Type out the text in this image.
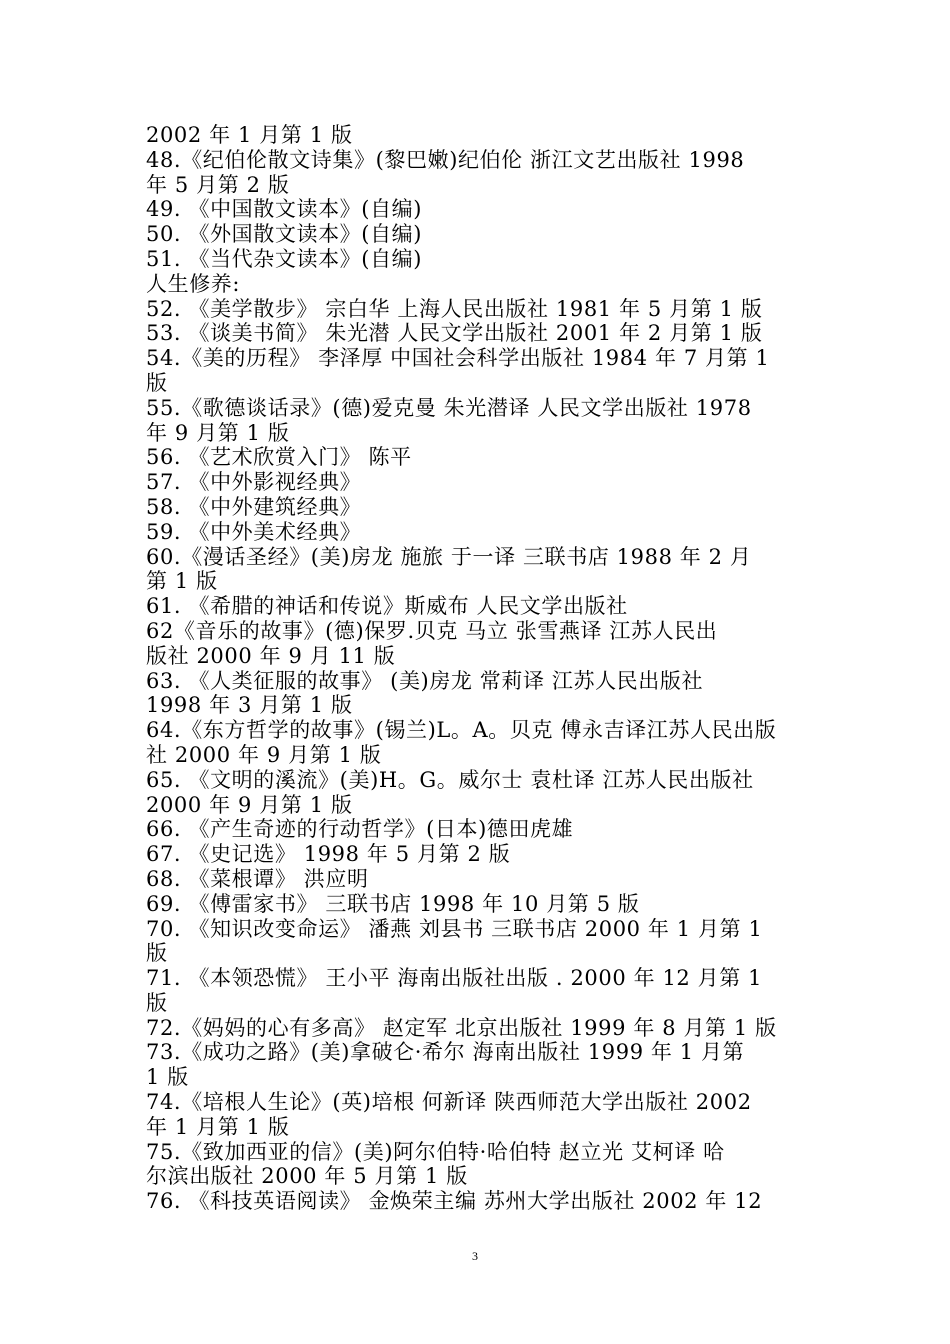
2002 年 1 月第 1 版
48.《纪伯伦散文诗集》(黎巴嫩)纪伯伦 浙江文艺出版社 1998
年 5 月第 2 版
49. 《中国散文读本》(自编)
50. 《外国散文读本》(自编)
51. 《当代杂文读本》(自编)
人生修养:
52. 《美学散步》 宗白华 上海人民出版社 1981 年 5 月第 1 版
53. 《谈美书简》 朱光潜 人民文学出版社 2001 年 2 月第 1 版
54.《美的历程》 李泽厚 中国社会科学出版社 1984 年 7 月第 1
版
55.《歌德谈话录》(德)爱克曼 朱光潜译 人民文学出版社 1978
年 9 月第 1 版
56. 《艺术欣赏入门》 陈平
57. 《中外影视经典》
58. 《中外建筑经典》
59. 《中外美术经典》
60.《漫话圣经》(美)房龙 施旅 于一译 三联书店 1988 年 2 月
第 1 版
61. 《希腊的神话和传说》斯威布 人民文学出版社
62《音乐的故事》(德)保罗.贝克 马立 张雪燕译 江苏人民出
版社 2000 年 9 月 11 版
63. 《人类征服的故事》 (美)房龙 常莉译 江苏人民出版社
1998 年 3 月第 1 版
64.《东方哲学的故事》(锡兰)L。A。贝克 傅永吉译江苏人民出版
社 2000 年 9 月第 1 版
65. 《文明的溪流》(美)H。G。威尔士 袁杜译 江苏人民出版社
2000 年 9 月第 1 版
66. 《产生奇迹的行动哲学》(日本)德田虎雄
67. 《史记选》 1998 年 5 月第 2 版
68. 《菜根谭》 洪应明
69. 《傅雷家书》 三联书店 1998 年 10 月第 5 版
70. 《知识改变命运》 潘燕 刘县书 三联书店 2000 年 1 月第 1
版
71. 《本领恐慌》 王小平 海南出版社出版 . 2000 年 12 月第 1
版
72.《妈妈的心有多高》 赵定军 北京出版社 1999 年 8 月第 1 版
73.《成功之路》(美)拿破仑·希尔 海南出版社 1999 年 1 月第
1 版
74.《培根人生论》(英)培根 何新译 陕西师范大学出版社 2002
年 1 月第 1 版
75.《致加西亚的信》(美)阿尔伯特·哈伯特 赵立光 艾柯译 哈
尔滨出版社 2000 年 5 月第 1 版
76. 《科技英语阅读》 金焕荣主编 苏州大学出版社 2002 年 12
3
